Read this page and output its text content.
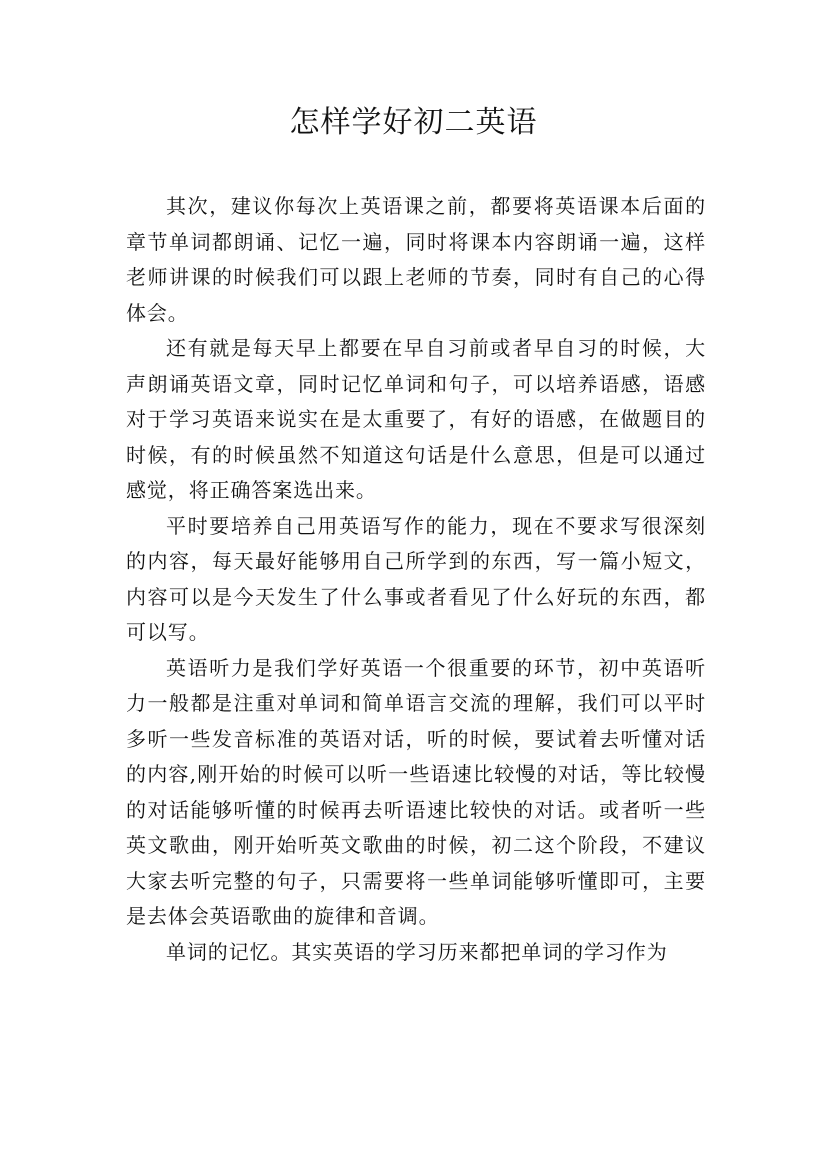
怎样学好初二英语

其次，建议你每次上英语课之前，都要将英语课本后面的章节单词都朗诵、记忆一遍，同时将课本内容朗诵一遍，这样老师讲课的时候我们可以跟上老师的节奏，同时有自己的心得体会。

还有就是每天早上都要在早自习前或者早自习的时候，大声朗诵英语文章，同时记忆单词和句子，可以培养语感，语感对于学习英语来说实在是太重要了，有好的语感，在做题目的时候，有的时候虽然不知道这句话是什么意思，但是可以通过感觉，将正确答案选出来。

平时要培养自己用英语写作的能力，现在不要求写很深刻的内容，每天最好能够用自己所学到的东西，写一篇小短文，内容可以是今天发生了什么事或者看见了什么好玩的东西，都可以写。

英语听力是我们学好英语一个很重要的环节，初中英语听力一般都是注重对单词和简单语言交流的理解，我们可以平时多听一些发音标准的英语对话，听的时候，要试着去听懂对话的内容,刚开始的时候可以听一些语速比较慢的对话，等比较慢的对话能够听懂的时候再去听语速比较快的对话。或者听一些英文歌曲，刚开始听英文歌曲的时候，初二这个阶段，不建议大家去听完整的句子，只需要将一些单词能够听懂即可，主要是去体会英语歌曲的旋律和音调。

单词的记忆。其实英语的学习历来都把单词的学习作为
